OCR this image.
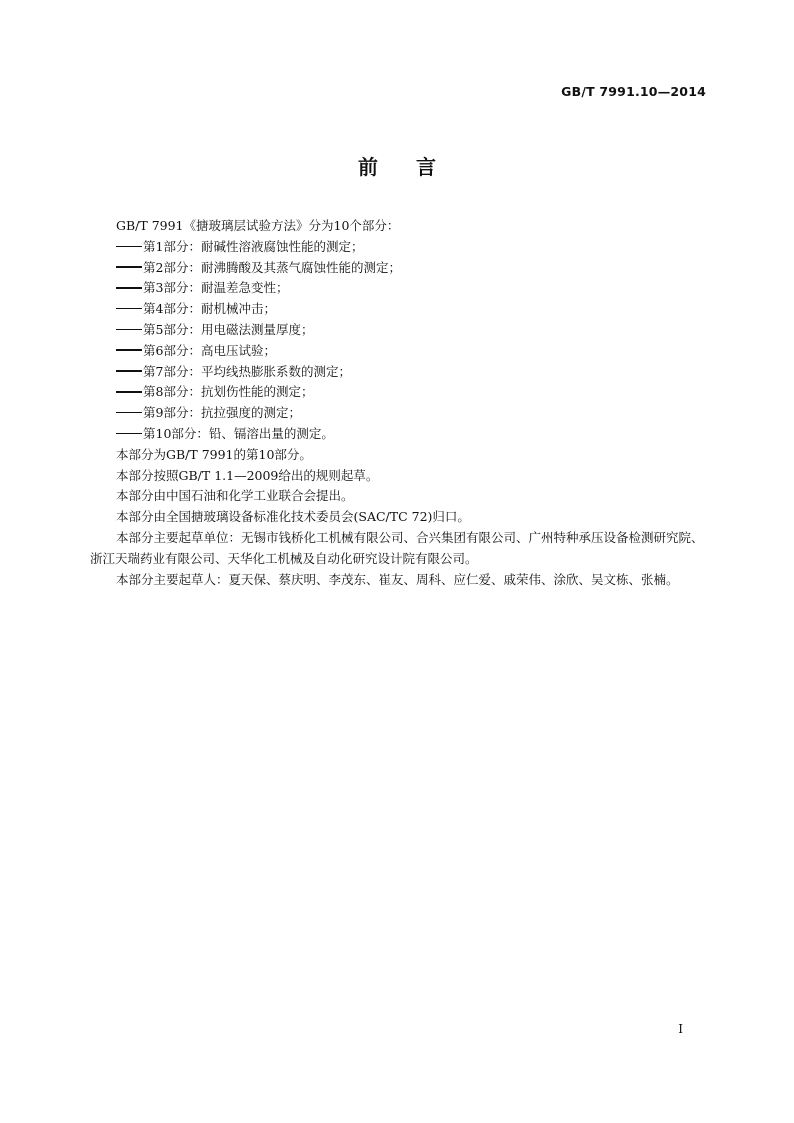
GB/T 7991.10—2014
前言

GB/T 7991《搪玻璃层试验方法》分为10个部分：

第1部分：耐碱性溶液腐蚀性能的测定；

第2部分：耐沸腾酸及其蒸气腐蚀性能的测定；

第3部分：耐温差急变性；

第4部分：耐机械冲击；

第5部分：用电磁法测量厚度；

第6部分：高电压试验；

第7部分：平均线热膨胀系数的测定；

第8部分：抗划伤性能的测定；

第9部分：抗拉强度的测定；

第10部分：铅、镉溶出量的测定。

本部分为GB/T 7991的第10部分。

本部分按照GB/T 1.1—2009给出的规则起草。

本部分由中国石油和化学工业联合会提出。

本部分由全国搪玻璃设备标准化技术委员会(SAC/TC 72)归口。

本部分主要起草单位：无锡市钱桥化工机械有限公司、合兴集团有限公司、广州特种承压设备检测研究院、浙江天瑞药业有限公司、天华化工机械及自动化研究设计院有限公司。

本部分主要起草人：夏天保、蔡庆明、李茂东、崔友、周科、应仁爱、戚荣伟、涂欣、吴文栋、张楠。

I
